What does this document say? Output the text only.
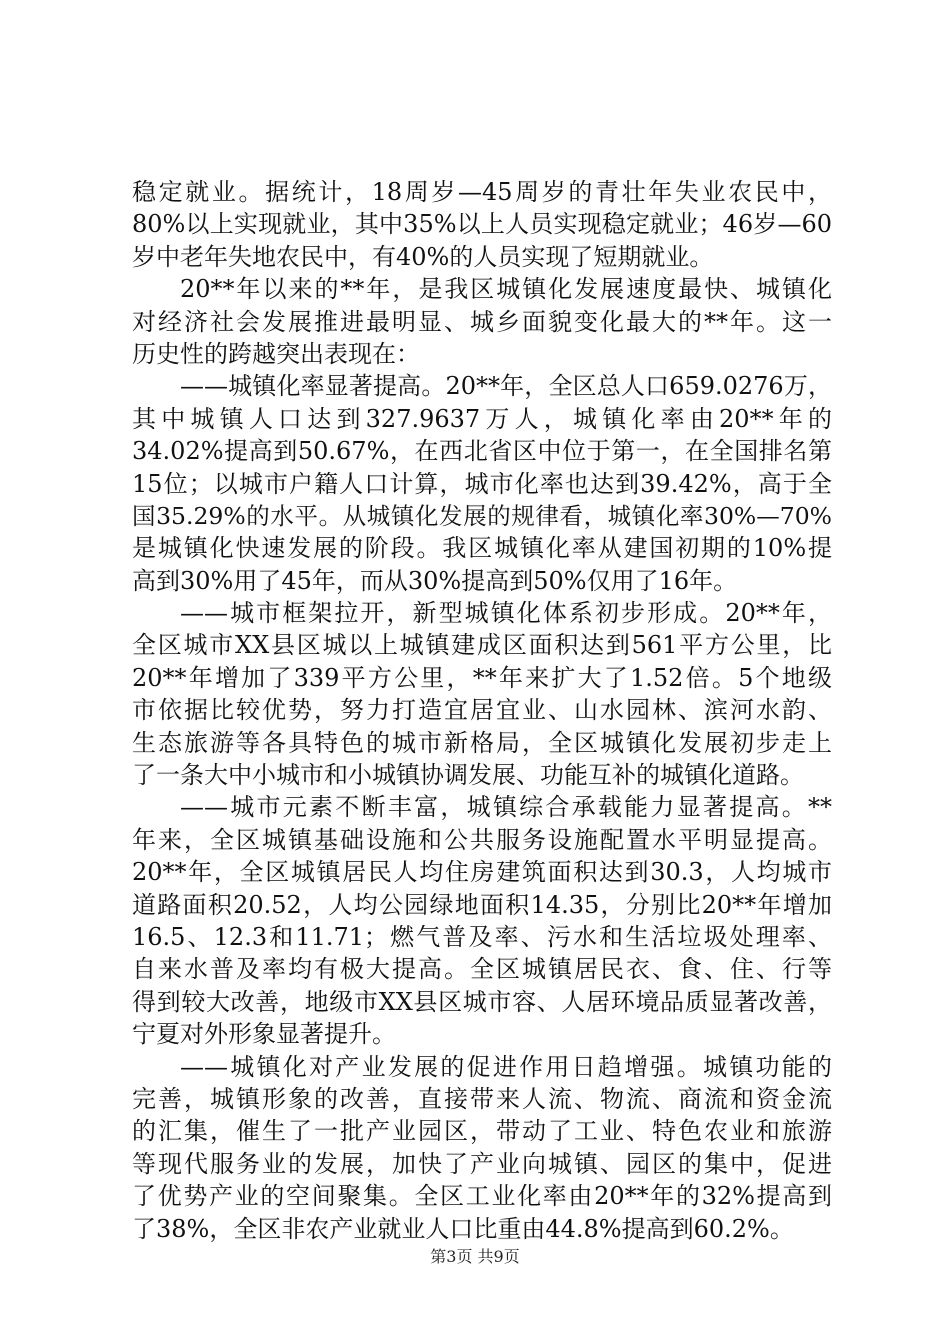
稳定就业。据统计，18周岁—45周岁的青壮年失业农民中，
80%以上实现就业，其中35%以上人员实现稳定就业；46岁—60
岁中老年失地农民中，有40%的人员实现了短期就业。
20**年以来的**年，是我区城镇化发展速度最快、城镇化
对经济社会发展推进最明显、城乡面貌变化最大的**年。这一
历史性的跨越突出表现在：
——城镇化率显著提高。20**年，全区总人口659.0276万，
其中城镇人口达到327.9637万人，城镇化率由20**年的
34.02%提高到50.67%，在西北省区中位于第一，在全国排名第
15位；以城市户籍人口计算，城市化率也达到39.42%，高于全
国35.29%的水平。从城镇化发展的规律看，城镇化率30%—70%
是城镇化快速发展的阶段。我区城镇化率从建国初期的10%提
高到30%用了45年，而从30%提高到50%仅用了16年。
——城市框架拉开，新型城镇化体系初步形成。20**年，
全区城市XX县区城以上城镇建成区面积达到561平方公里，比
20**年增加了339平方公里，**年来扩大了1.52倍。5个地级
市依据比较优势，努力打造宜居宜业、山水园林、滨河水韵、
生态旅游等各具特色的城市新格局，全区城镇化发展初步走上
了一条大中小城市和小城镇协调发展、功能互补的城镇化道路。
——城市元素不断丰富，城镇综合承载能力显著提高。**
年来，全区城镇基础设施和公共服务设施配置水平明显提高。
20**年，全区城镇居民人均住房建筑面积达到30.3，人均城市
道路面积20.52，人均公园绿地面积14.35，分别比20**年增加
16.5、12.3和11.71；燃气普及率、污水和生活垃圾处理率、
自来水普及率均有极大提高。全区城镇居民衣、食、住、行等
得到较大改善，地级市XX县区城市容、人居环境品质显著改善，
宁夏对外形象显著提升。
——城镇化对产业发展的促进作用日趋增强。城镇功能的
完善，城镇形象的改善，直接带来人流、物流、商流和资金流
的汇集，催生了一批产业园区，带动了工业、特色农业和旅游
等现代服务业的发展，加快了产业向城镇、园区的集中，促进
了优势产业的空间聚集。全区工业化率由20**年的32%提高到
了38%，全区非农产业就业人口比重由44.8%提高到60.2%。
第3页 共9页
